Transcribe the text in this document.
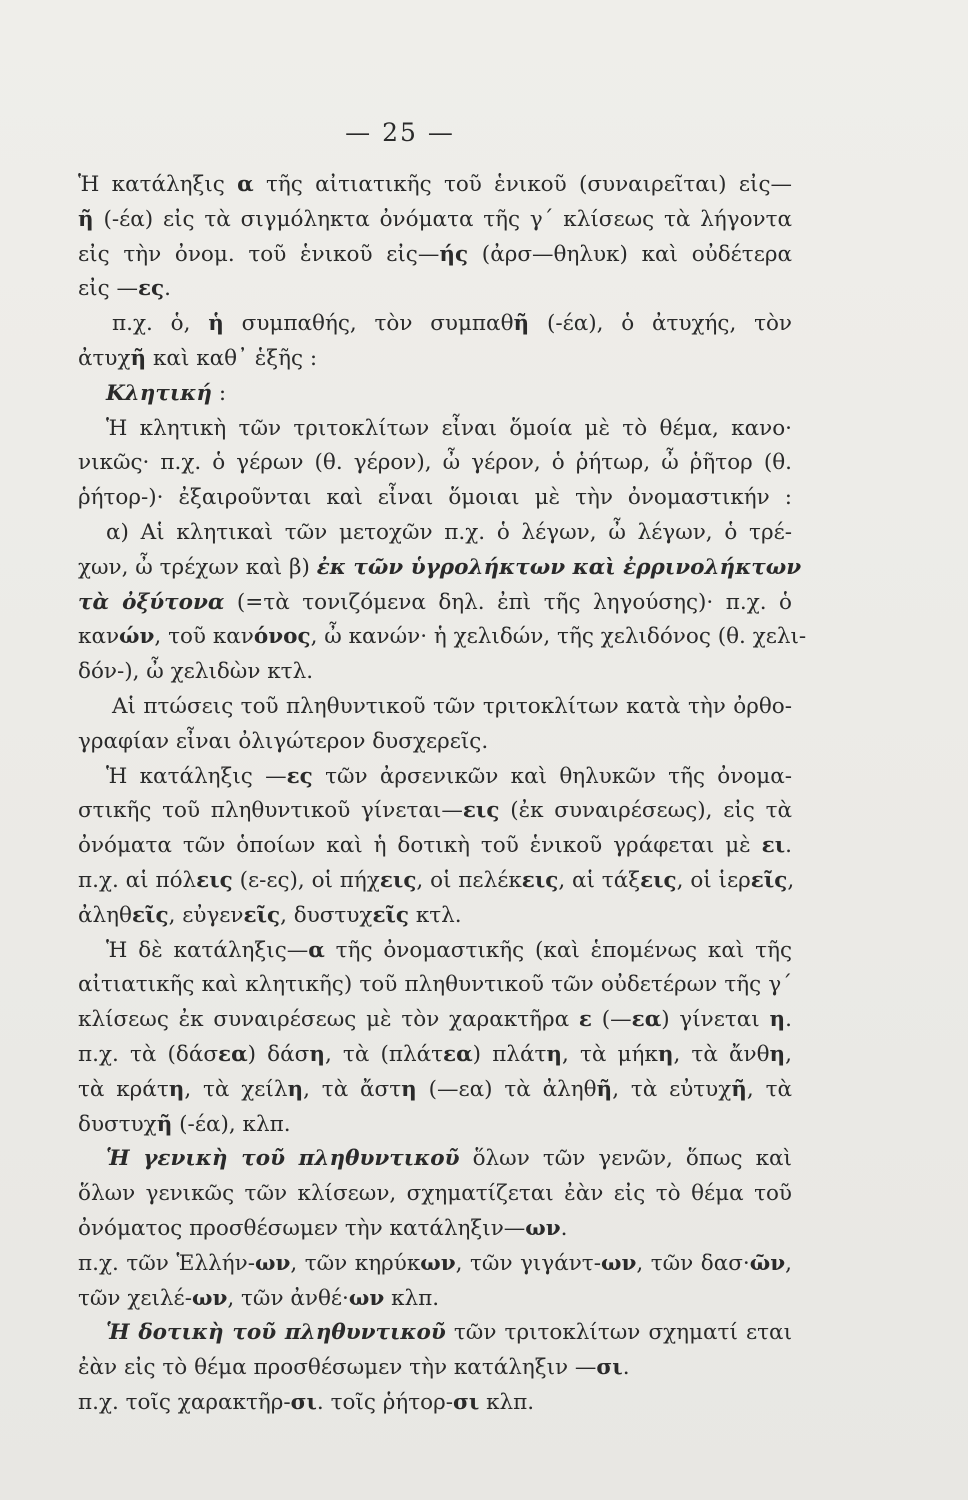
— 25 —
Ἡ κατάληξις α τῆς αἰτιατικῆς τοῦ ἑνικοῦ (συναιρεῖται) εἰς—
ῆ (-έα) εἰς τὰ σιγμόληκτα ὀνόματα τῆς γ΄ κλίσεως τὰ λήγοντα
εἰς τὴν ὀνομ. τοῦ ἑνικοῦ εἰς—ής (ἀρσ—θηλυκ) καὶ οὐδέτερα
εἰς —ες.
π.χ. ὁ, ἡ συμπαθής, τὸν συμπαθῆ (-έα), ὁ ἀτυχής, τὸν
ἀτυχῆ καὶ καθ᾽ ἑξῆς :
Κλητική :
Ἡ κλητικὴ τῶν τριτοκλίτων εἶναι ὅμοία μὲ τὸ θέμα, κανο·
νικῶς· π.χ. ὁ γέρων (θ. γέρον), ὦ γέρον, ὁ ῥήτωρ, ὦ ῥῆτορ (θ.
ῥήτορ-)· ἐξαιροῦνται καὶ εἶναι ὅμοιαι μὲ τὴν ὀνομαστικήν :
α) Αἱ κλητικαὶ τῶν μετοχῶν π.χ. ὁ λέγων, ὦ λέγων, ὁ τρέ-
χων, ὦ τρέχων καὶ β) ἐκ τῶν ὑγρολήκτων καὶ ἐρρινολήκτων
τὰ ὀξύτονα (=τὰ τονιζόμενα δηλ. ἐπὶ τῆς ληγούσης)· π.χ. ὁ
κανών, τοῦ κανόνος, ὦ κανών· ἡ χελιδών, τῆς χελιδόνος (θ. χελι-
δόν-), ὦ χελιδὼν κτλ.
Αἱ πτώσεις τοῦ πληθυντικοῦ τῶν τριτοκλίτων κατὰ τὴν ὀρθο-
γραφίαν εἶναι ὀλιγώτερον δυσχερεῖς.
Ἡ κατάληξις —ες τῶν ἀρσενικῶν καὶ θηλυκῶν τῆς ὀνομα-
στικῆς τοῦ πληθυντικοῦ γίνεται—εις (ἐκ συναιρέσεως), εἰς τὰ
ὀνόματα τῶν ὁποίων καὶ ἡ δοτικὴ τοῦ ἑνικοῦ γράφεται μὲ ει.
π.χ. αἱ πόλεις (ε-ες), οἱ πήχεις, οἱ πελέκεις, αἱ τάξεις, οἱ ἱερεῖς,
ἀληθεῖς, εὐγενεῖς, δυστυχεῖς κτλ.
Ἡ δὲ κατάληξις—α τῆς ὀνομαστικῆς (καὶ ἑπομένως καὶ τῆς
αἰτιατικῆς καὶ κλητικῆς) τοῦ πληθυντικοῦ τῶν οὐδετέρων τῆς γ΄
κλίσεως ἐκ συναιρέσεως μὲ τὸν χαρακτῆρα ε (—εα) γίνεται η.
π.χ. τὰ (δάσεα) δάση, τὰ (πλάτεα) πλάτη, τὰ μήκη, τὰ ἄνθη,
τὰ κράτη, τὰ χείλη, τὰ ἄστη (—εα) τὰ ἀληθῆ, τὰ εὐτυχῆ, τὰ
δυστυχῆ (-έα), κλπ.
Ἡ γενικὴ τοῦ πληθυντικοῦ ὅλων τῶν γενῶν, ὅπως καὶ
ὅλων γενικῶς τῶν κλίσεων, σχηματίζεται ἐὰν εἰς τὸ θέμα τοῦ
ὀνόματος προσθέσωμεν τὴν κατάληξιν—ων.
π.χ. τῶν Ἑλλήν-ων, τῶν κηρύκων, τῶν γιγάντ-ων, τῶν δασ·ῶν,
τῶν χειλέ-ων, τῶν ἀνθέ·ων κλπ.
Ἡ δοτικὴ τοῦ πληθυντικοῦ τῶν τριτοκλίτων σχηματί εται
ἐὰν εἰς τὸ θέμα προσθέσωμεν τὴν κατάληξιν —σι.
π.χ. τοῖς χαρακτῆρ-σι. τοῖς ῥήτορ-σι κλπ.
